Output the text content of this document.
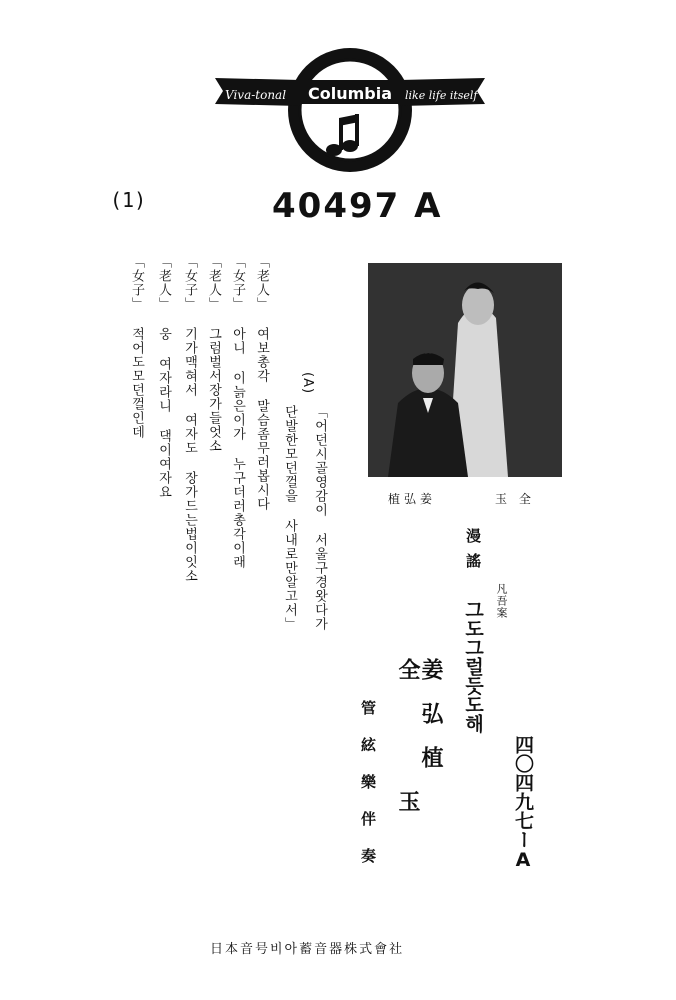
Viva-tonal Columbia like life itself
(1)	40497 A
植弘姜	玉 全
(A)
「어던시골영감이 서울구경왓다가
단발한모던껄을 사내로만알고서」
「老人」 여보총각 말슴좀무러봅시다
「女子」 아니 이늙은이가 누구더러총각이래
「老人」 그럼벌서장가들엇소
「女子」 기가맥혀서 여자도 장가드는법이잇소
「老人」 웅 여자라니 댁이여자요
「女子」 적어도모던껄인데
四〇四九七ーA
凡吾案
漫謠
그도그럴듯도해
姜弘植
全玉
管絃樂伴奏
日本音号비아蓄音器株式會社
